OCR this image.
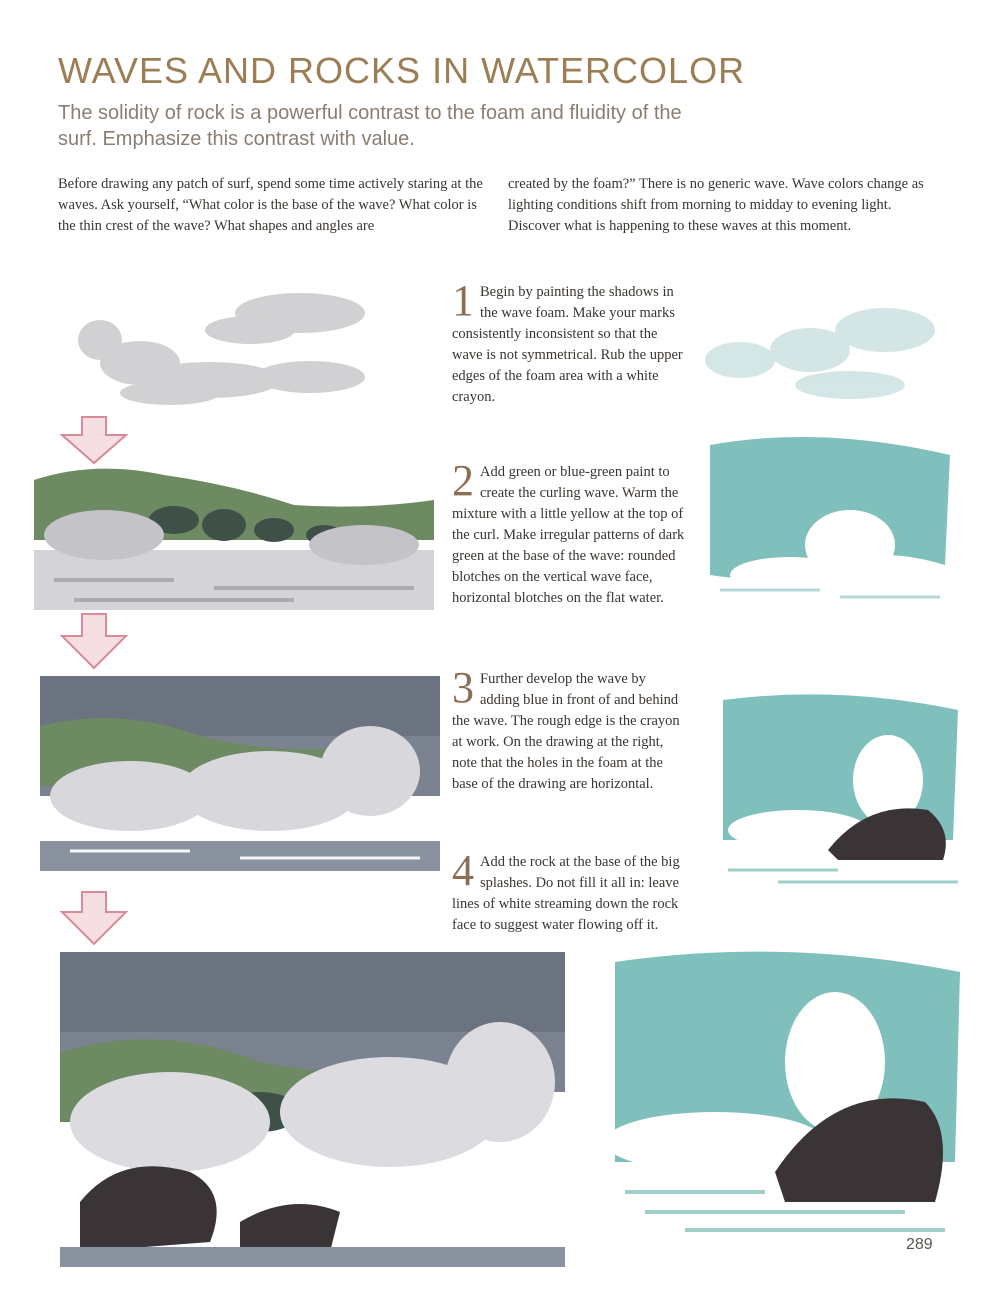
WAVES AND ROCKS IN WATERCOLOR

The solidity of rock is a powerful contrast to the foam and fluidity of the surf. Emphasize this contrast with value.

Before drawing any patch of surf, spend some time actively staring at the waves. Ask yourself, “What color is the base of the wave? What color is the thin crest of the wave? What shapes and angles are

created by the foam?” There is no generic wave. Wave colors change as lighting conditions shift from morning to midday to evening light. Discover what is happening to these waves at this moment.

1 Begin by painting the shadows in the wave foam. Make your marks consistently inconsistent so that the wave is not symmetrical. Rub the upper edges of the foam area with a white crayon.
2 Add green or blue-green paint to create the curling wave. Warm the mixture with a little yellow at the top of the curl. Make irregular patterns of dark green at the base of the wave: rounded blotches on the vertical wave face, horizontal blotches on the flat water.
3 Further develop the wave by adding blue in front of and behind the wave. The rough edge is the crayon at work. On the drawing at the right, note that the holes in the foam at the base of the drawing are horizontal.
4 Add the rock at the base of the big splashes. Do not fill it all in: leave lines of white streaming down the rock face to suggest water flowing off it.
289
